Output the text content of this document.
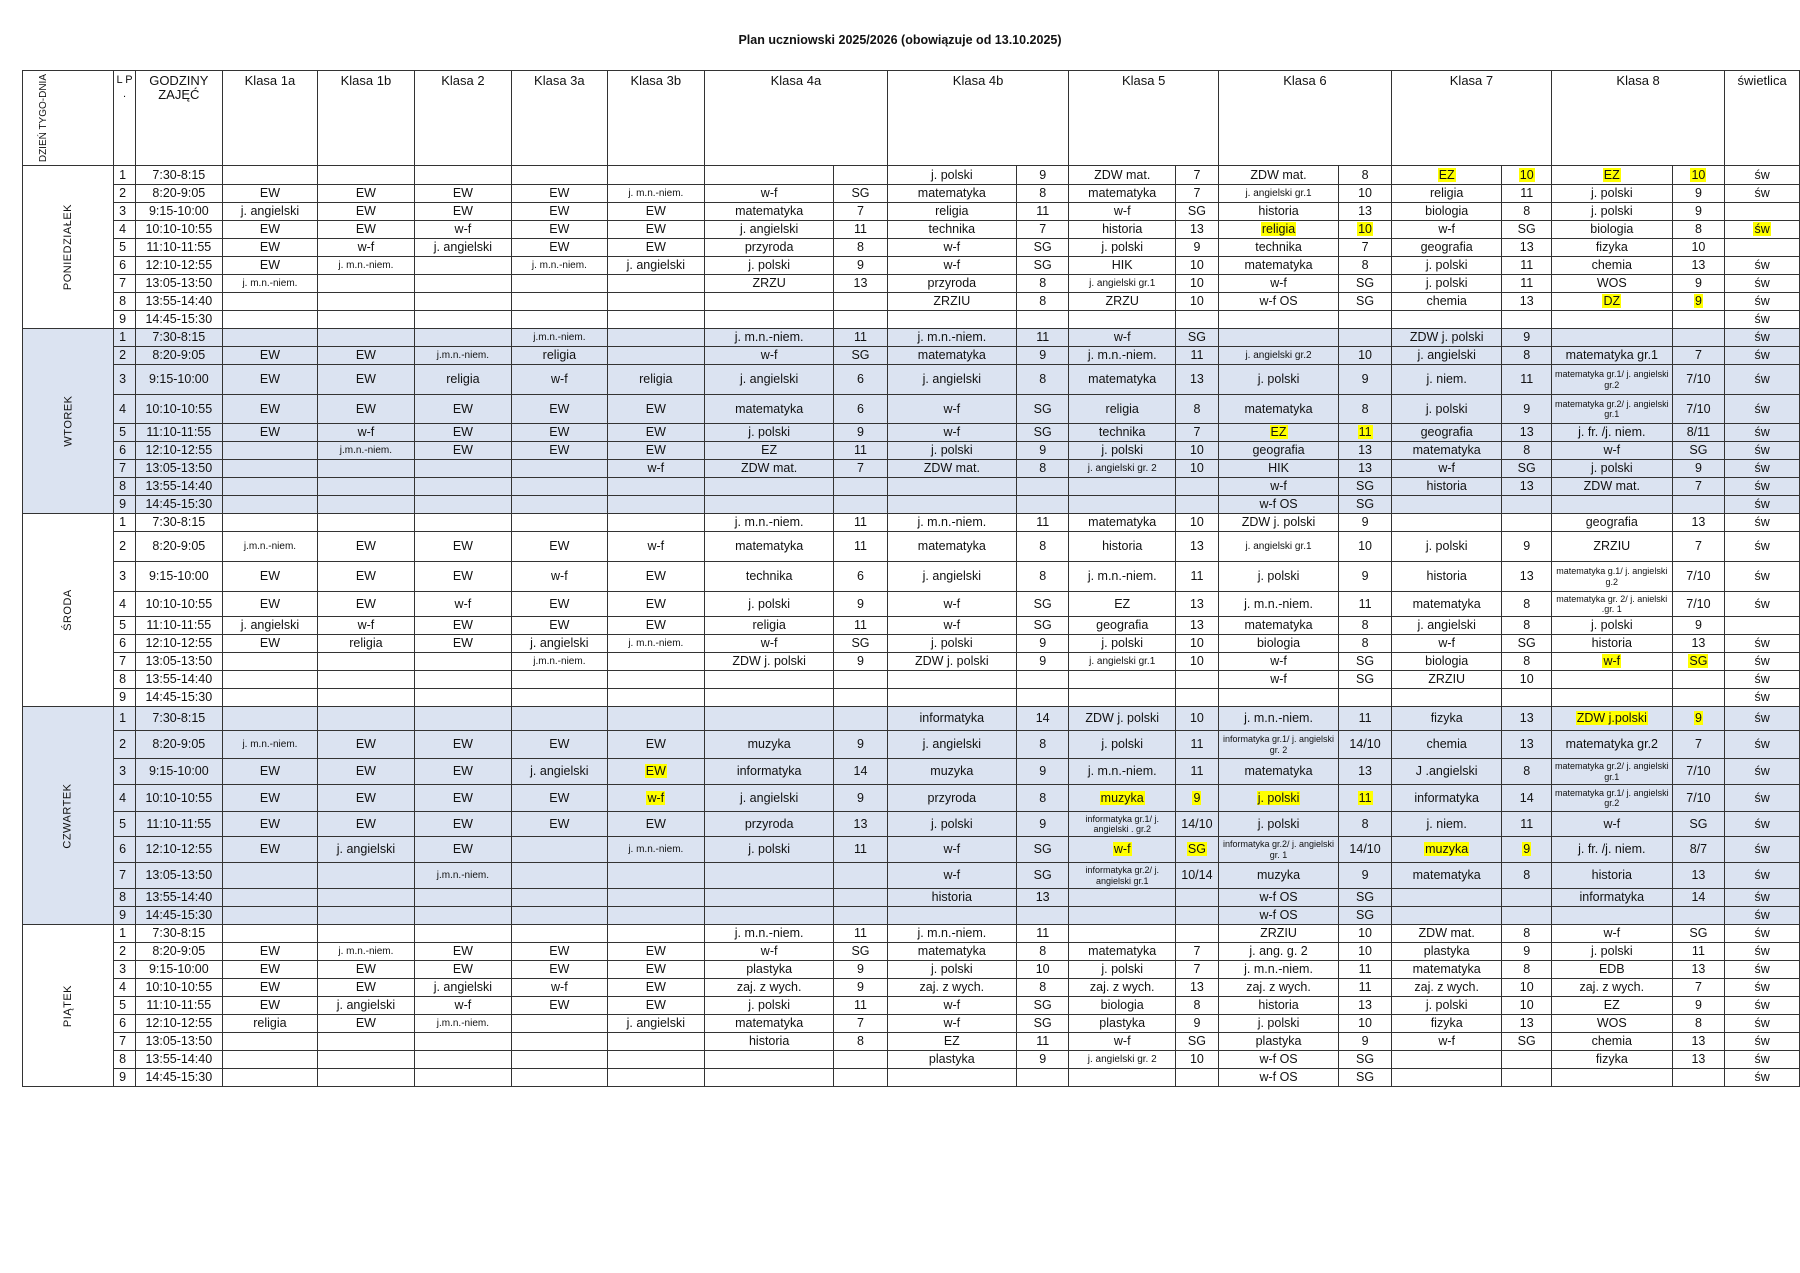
Plan uczniowski 2025/2026 (obowiązuje od 13.10.2025)
DZIEŃ TYGO-DNIA	L P .	GODZINY ZAJĘĆ	Klasa 1a	Klasa 1b	Klasa 2	Klasa 3a	Klasa 3b	Klasa 4a		Klasa 4b		Klasa 5		Klasa 6		Klasa 7		Klasa 8		świetlica
PONIEDZIAŁEK	1	7:30-8:15								j. polski	9	ZDW mat.	7	ZDW mat.	8	EZ	10	EZ	10	św
	2	8:20-9:05	EW	EW	EW	EW	j. m.n.-niem.	w-f	SG	matematyka	8	matematyka	7	j. angielski gr.1	10	religia	11	j. polski	9	św
	3	9:15-10:00	j. angielski	EW	EW	EW	EW	matematyka	7	religia	11	w-f	SG	historia	13	biologia	8	j. polski	9	
	4	10:10-10:55	EW	EW	w-f	EW	EW	j. angielski	11	technika	7	historia	13	religia	10	w-f	SG	biologia	8	św
	5	11:10-11:55	EW	w-f	j. angielski	EW	EW	przyroda	8	w-f	SG	j. polski	9	technika	7	geografia	13	fizyka	10	
	6	12:10-12:55	EW	j. m.n.-niem.		j. m.n.-niem.	j. angielski	j. polski	9	w-f	SG	HIK	10	matematyka	8	j. polski	11	chemia	13	św
	7	13:05-13:50	j. m.n.-niem.					ZRZU	13	przyroda	8	j. angielski gr.1	10	w-f	SG	j. polski	11	WOS	9	św
	8	13:55-14:40								ZRZIU	8	ZRZU	10	w-f OS	SG	chemia	13	DZ	9	św
	9	14:45-15:30																		św
WTOREK	1	7:30-8:15				j.m.n.-niem.		j. m.n.-niem.	11	j. m.n.-niem.	11	w-f	SG			ZDW j. polski	9			św
	2	8:20-9:05	EW	EW	j.m.n.-niem.	religia		w-f	SG	matematyka	9	j. m.n.-niem.	11	j. angielski gr.2	10	j. angielski	8	matematyka gr.1	7	św
	3	9:15-10:00	EW	EW	religia	w-f	religia	j. angielski	6	j. angielski	8	matematyka	13	j. polski	9	j. niem.	11	matematyka gr.1/ j. angielski gr.2	7/10	św
	4	10:10-10:55	EW	EW	EW	EW	EW	matematyka	6	w-f	SG	religia	8	matematyka	8	j. polski	9	matematyka gr.2/ j. angielski gr.1	7/10	św
	5	11:10-11:55	EW	w-f	EW	EW	EW	j. polski	9	w-f	SG	technika	7	EZ	11	geografia	13	j. fr. /j. niem.	8/11	św
	6	12:10-12:55		j.m.n.-niem.	EW	EW	EW	EZ	11	j. polski	9	j. polski	10	geografia	13	matematyka	8	w-f	SG	św
	7	13:05-13:50					w-f	ZDW mat.	7	ZDW mat.	8	j. angielski gr. 2	10	HIK	13	w-f	SG	j. polski	9	św
	8	13:55-14:40												w-f	SG	historia	13	ZDW mat.	7	św
	9	14:45-15:30												w-f OS	SG					św
ŚRODA	1	7:30-8:15						j. m.n.-niem.	11	j. m.n.-niem.	11	matematyka	10	ZDW j. polski	9			geografia	13	św
	2	8:20-9:05	j.m.n.-niem.	EW	EW	EW	w-f	matematyka	11	matematyka	8	historia	13	j. angielski gr.1	10	j. polski	9	ZRZIU	7	św
	3	9:15-10:00	EW	EW	EW	w-f	EW	technika	6	j. angielski	8	j. m.n.-niem.	11	j. polski	9	historia	13	matematyka g.1/ j. angielski g.2	7/10	św
	4	10:10-10:55	EW	EW	w-f	EW	EW	j. polski	9	w-f	SG	EZ	13	j. m.n.-niem.	11	matematyka	8	matematyka gr. 2/ j. anielski .gr. 1	7/10	św
	5	11:10-11:55	j. angielski	w-f	EW	EW	EW	religia	11	w-f	SG	geografia	13	matematyka	8	j. angielski	8	j. polski	9	
	6	12:10-12:55	EW	religia	EW	j. angielski	j. m.n.-niem.	w-f	SG	j. polski	9	j. polski	10	biologia	8	w-f	SG	historia	13	św
	7	13:05-13:50				j.m.n.-niem.		ZDW j. polski	9	ZDW j. polski	9	j. angielski gr.1	10	w-f	SG	biologia	8	w-f	SG	św
	8	13:55-14:40												w-f	SG	ZRZIU	10			św
	9	14:45-15:30																		św
CZWARTEK	1	7:30-8:15								informatyka	14	ZDW j. polski	10	j. m.n.-niem.	11	fizyka	13	ZDW j.polski	9	św
	2	8:20-9:05	j. m.n.-niem.	EW	EW	EW	EW	muzyka	9	j. angielski	8	j. polski	11	informatyka gr.1/ j. angielski gr. 2	14/10	chemia	13	matematyka gr.2	7	św
	3	9:15-10:00	EW	EW	EW	j. angielski	EW	informatyka	14	muzyka	9	j. m.n.-niem.	11	matematyka	13	J .angielski	8	matematyka gr.2/ j. angielski gr.1	7/10	św
	4	10:10-10:55	EW	EW	EW	EW	w-f	j. angielski	9	przyroda	8	muzyka	9	j. polski	11	informatyka	14	matematyka gr.1/ j. angielski gr.2	7/10	św
	5	11:10-11:55	EW	EW	EW	EW	EW	przyroda	13	j. polski	9	informatyka gr.1/ j. angielski . gr.2	14/10	j. polski	8	j. niem.	11	w-f	SG	św
	6	12:10-12:55	EW	j. angielski	EW		j. m.n.-niem.	j. polski	11	w-f	SG	w-f	SG	informatyka gr.2/ j. angielski gr. 1	14/10	muzyka	9	j. fr. /j. niem.	8/7	św
	7	13:05-13:50			j.m.n.-niem.					w-f	SG	informatyka gr.2/ j. angielski gr.1	10/14	muzyka	9	matematyka	8	historia	13	św
	8	13:55-14:40								historia	13			w-f OS	SG			informatyka	14	św
	9	14:45-15:30												w-f OS	SG					św
PIĄTEK	1	7:30-8:15						j. m.n.-niem.	11	j. m.n.-niem.	11			ZRZIU	10	ZDW mat.	8	w-f	SG	św
	2	8:20-9:05	EW	j. m.n.-niem.	EW	EW	EW	w-f	SG	matematyka	8	matematyka	7	j. ang. g. 2	10	plastyka	9	j. polski	11	św
	3	9:15-10:00	EW	EW	EW	EW	EW	plastyka	9	j. polski	10	j. polski	7	j. m.n.-niem.	11	matematyka	8	EDB	13	św
	4	10:10-10:55	EW	EW	j. angielski	w-f	EW	zaj. z wych.	9	zaj. z wych.	8	zaj. z wych.	13	zaj. z wych.	11	zaj. z wych.	10	zaj. z wych.	7	św
	5	11:10-11:55	EW	j. angielski	w-f	EW	EW	j. polski	11	w-f	SG	biologia	8	historia	13	j. polski	10	EZ	9	św
	6	12:10-12:55	religia	EW	j.m.n.-niem.		j. angielski	matematyka	7	w-f	SG	plastyka	9	j. polski	10	fizyka	13	WOS	8	św
	7	13:05-13:50						historia	8	EZ	11	w-f	SG	plastyka	9	w-f	SG	chemia	13	św
	8	13:55-14:40								plastyka	9	j. angielski gr. 2	10	w-f OS	SG			fizyka	13	św
	9	14:45-15:30												w-f OS	SG					św
